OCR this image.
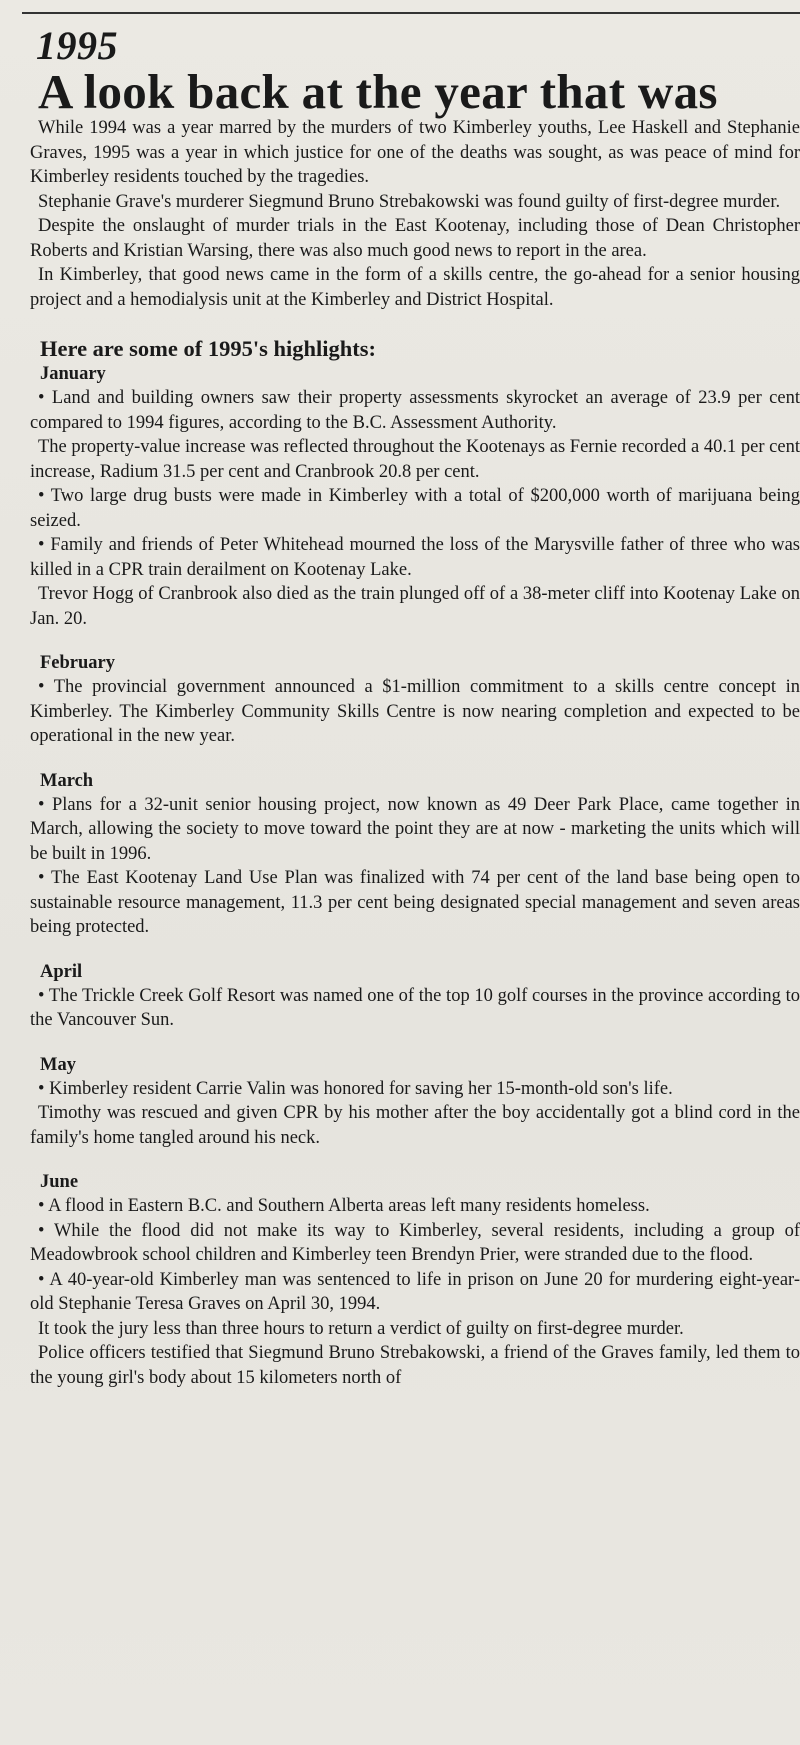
1995
A look back at the year that was

While 1994 was a year marred by the murders of two Kimberley youths, Lee Haskell and Stephanie Graves, 1995 was a year in which justice for one of the deaths was sought, as was peace of mind for Kimberley residents touched by the tragedies.

Stephanie Grave's murderer Siegmund Bruno Strebakowski was found guilty of first-degree murder.

Despite the onslaught of murder trials in the East Kootenay, including those of Dean Christopher Roberts and Kristian Warsing, there was also much good news to report in the area.

In Kimberley, that good news came in the form of a skills centre, the go-ahead for a senior housing project and a hemodialysis unit at the Kimberley and District Hospital.

Here are some of 1995's highlights:
January

• Land and building owners saw their property assessments skyrocket an average of 23.9 per cent compared to 1994 figures, according to the B.C. Assessment Authority.

The property-value increase was reflected throughout the Kootenays as Fernie recorded a 40.1 per cent increase, Radium 31.5 per cent and Cranbrook 20.8 per cent.

• Two large drug busts were made in Kimberley with a total of $200,000 worth of marijuana being seized.

• Family and friends of Peter Whitehead mourned the loss of the Marysville father of three who was killed in a CPR train derailment on Kootenay Lake.

Trevor Hogg of Cranbrook also died as the train plunged off of a 38-meter cliff into Kootenay Lake on Jan. 20.

February

• The provincial government announced a $1-million commitment to a skills centre concept in Kimberley. The Kimberley Community Skills Centre is now nearing completion and expected to be operational in the new year.

March

• Plans for a 32-unit senior housing project, now known as 49 Deer Park Place, came together in March, allowing the society to move toward the point they are at now - marketing the units which will be built in 1996.

• The East Kootenay Land Use Plan was finalized with 74 per cent of the land base being open to sustainable resource management, 11.3 per cent being designated special management and seven areas being protected.

April

• The Trickle Creek Golf Resort was named one of the top 10 golf courses in the province according to the Vancouver Sun.

May

• Kimberley resident Carrie Valin was honored for saving her 15-month-old son's life.

Timothy was rescued and given CPR by his mother after the boy accidentally got a blind cord in the family's home tangled around his neck.

June

• A flood in Eastern B.C. and Southern Alberta areas left many residents homeless.

• While the flood did not make its way to Kimberley, several residents, including a group of Meadowbrook school children and Kimberley teen Brendyn Prier, were stranded due to the flood.

• A 40-year-old Kimberley man was sentenced to life in prison on June 20 for murdering eight-year-old Stephanie Teresa Graves on April 30, 1994.

It took the jury less than three hours to return a verdict of guilty on first-degree murder.

Police officers testified that Siegmund Bruno Strebakowski, a friend of the Graves family, led them to the young girl's body about 15 kilometers north of
